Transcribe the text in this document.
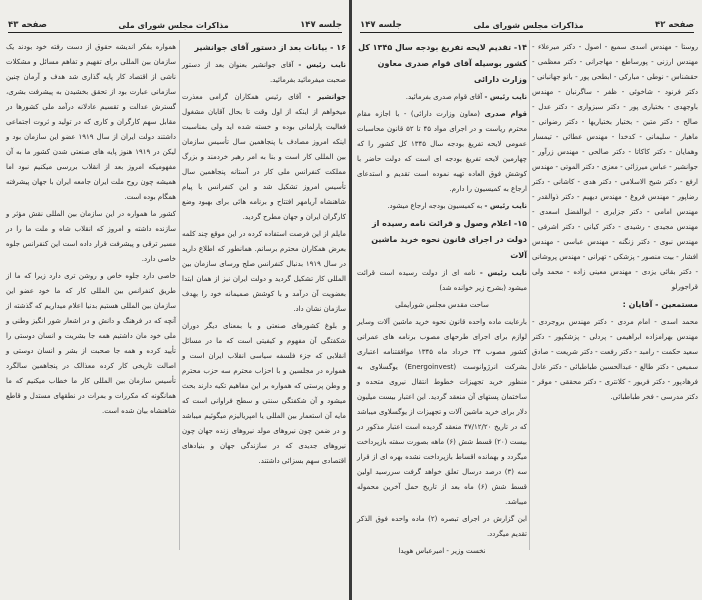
جلسه ۱۴۷
مذاکرات مجلس شورای ملی
صفحه ۴۳

۱۶ - بیانات بعد از دستور آقای جوانشیر

نایب رئیس - آقای جوانشیر بعنوان بعد از دستور صحبت میفرمائید بفرمائید.

جوانشیر - آقای رئیس همکاران گرامی معذرت میخواهم از اینکه از اول وقت تا بحال آقایان مشغول فعالیت پارلمانی بوده و خسته شده اید ولی بمناسبت اینکه امروز مصادف با پنجاهمین سال تأسیس سازمان بین المللی کار است و بنا به امر رهبر خردمند و بزرگ مملکت کنفرانس ملی کار در آستانه پنجاهمین سال تأسیس امروز تشکیل شد و این کنفرانس با پیام شاهنشاه آریامهر افتتاح و برنامه هائی برای بهبود وضع کارگران ایران و جهان مطرح گردید.

مایلم از این فرصت استفاده کرده در این موقع چند کلمه بعرض همکاران محترم برسانم. همانطور که اطلاع دارید در سال ۱۹۱۹ بدنبال کنفرانس صلح ورسای سازمان بین المللی کار تشکیل گردید و دولت ایران نیز از همان ابتدا بعضویت آن درآمد و با کوشش صمیمانه خود را بهدف سازمان نشان داد.

و بلوغ کشورهای صنعتی و با بمعنای دیگر دوران شکفتگی آن مفهوم و کیفیتی است که ما در مسائل انقلابی که جزء فلسفه سیاسی انقلاب ایران است و همواره در مجلسین و با احزاب محترم سه حزب محترم و وطن پرستی که همواره بر این مفاهیم تکیه دارند بحث میشود و آن شکفتگی سنتی و سطح فراوانی است که مایه آن استعمار بین المللی یا امپریالیزم میگوئیم میباشد و در ضمن چون نیروهای مولد نیروهای زنده جهان چون نیروهای جدیدی که در سازندگی جهان و بنیادهای اقتصادی سهم بسزائی داشتند.

همواره بفکر اندیشه حقوق از دست رفته خود بودند یک سازمان بین المللی برای تفهیم و تفاهم مسائل و مشکلات ناشی از اقتصاد کار پایه گذاری شد هدف و آرمان چنین سازمانی عبارت بود از تحقق بخشیدن به پیشرفت بشری، گسترش عدالت و تقسیم عادلانه درآمد ملی کشورها در مقابل سهم کارگران و کاری که در تولید و ثروت اجتماعی داشتند دولت ایران از سال ۱۹۱۹ عضو این سازمان بود و لیکن در ۱۹۱۹ هنوز پایه های صنعتی شدن کشور ما به آن مفهومیکه امروز بعد از انقلاب بررسی میکنیم نبود اما همیشه چون روح ملت ایران جامعه ایران با جهان پیشرفته همگام بوده است.

کشور ما همواره در این سازمان بین المللی نقش مؤثر و سازنده داشته و امروز که انقلاب شاه و ملت ما را در مسیر ترقی و پیشرفت قرار داده است این کنفرانس جلوه خاصی دارد.

خاصی دارد جلوه خاص و روشن تری دارد زیرا که ما از طریق کنفرانس بین المللی کار که ما خود عضو این سازمان بین المللی هستیم بدنیا اعلام میداریم که گذشته از آنچه که در فرهنگ و دانش و در اشعار شور انگیز وطنی و ملی خود مان داشتیم همه جا بشریت و انسان دوستی را تأیید کرده و همه جا صحبت از بشر و انسان دوستی و اصالت تاریخی کار کرده معذالک در پنجاهمین سالگرد تأسیس سازمان بین المللی کار ما خطاب میکنیم که ما همانگونه که مکررات و بمرات در نطقهای مستدل و قاطع شاهنشاه بیان شده است.

صفحه ۴۲
مذاکرات مجلس شورای ملی
جلسه ۱۴۷

روستا - مهندس اسدی سمیع - اصول - دکتر میرعلاء - مهندس ارزنی - پورساطع - مهاجرانی - دکتر معظمی - حقشناس - نوطی - مبارکی - ابطحی پور - بانو جهانبانی - دکتر فرنود - شاخوئی - ظفر - ساگرنبان - مهندس باوجهدی - بختیاری پور - دکتر سبزواری - دکتر عدل - صالح - دکتر متین - بختیار بختیاریها - دکتر رضوانی - ماهیار - سلیمانی - کدخدا - مهندس عطائی - تیمسار وهمایان - دکتر کاکاتا - دکتر صالحی - مهندس زرآور - جوانشیر - عباس میرزائی - معزی - دکتر الموتی - مهندس ارفع - دکتر شیخ الاسلامی - دکتر هدی - کاشانی - دکتر رضاپور - مهندس فروغ - مهندس دیهیم - دکتر ذوالقدر - مهندس امامی - دکتر جزایری - ابوالفضل اسعدی - مهندس مجیدی - رشیدی - دکتر کیانی - دکتر اشرفی - مهندس نبوی - دکتر زنگنه - مهندس عباسی - مهندس افشار - بیت منصور - پزشکی - تهرانی - مهندس پروشانی - دکتر بقائی یزدی - مهندس معینی زاده - محمد ولی قراجورلو

مستمعین - آقایان :

محمد اسدی - امام مردی - دکتر مهندس بروجردی - مهندس بهرامزاده ابراهیمی - پردلی - پزشکپور - دکتر سعید حکمت - رامبد - دکتر رفعت - دکتر شریعت - صادق سمیعی - دکتر طالع - عبدالحسین طباطبائی - دکتر عادل فرهادپور - دکتر فریور - کلانتری - دکتر محققی - موقر - دکتر مدرسی - فخر طباطبائی.

۱۴- تقدیم لایحه تفریغ بودجه سال ۱۳۴۵ کل کشور بوسیله آقای قوام صدری معاون وزارت دارائی

نایب رئیس - آقای قوام صدری بفرمائید.

قوام صدری (معاون وزارت دارائی) - با اجازه مقام محترم ریاست و در اجرای مواد ۴۵ تا ۵۲ قانون محاسبات عمومی لایحه تفریغ بودجه سال ۱۳۴۵ کل کشور را که چهارمین لایحه تفریغ بودجه ای است که دولت حاضر با کوشش فوق العاده تهیه نموده است تقدیم و استدعای ارجاع به کمیسیون را دارم.

نایب رئیس - به کمیسیون بودجه ارجاع میشود.

۱۵- اعلام وصول و قرائت نامه رسیده از دولت در اجرای قانون نحوه خرید ماشین آلات

نایب رئیس - نامه ای از دولت رسیده است قرائت میشود (بشرح زیر خوانده شد)

ساحت مقدس مجلس شورایملی

بارعایت ماده واحده قانون نحوه خرید ماشین آلات وسایر لوازم برای اجرای طرحهای مصوب برنامه های عمرانی کشور مصوب ۲۴ خرداد ماه ۱۳۴۵ موافقتنامه اعتباری بشرکت انرژوانوست (Energoinvest) یوگسلاوی به منظور خرید تجهیزات خطوط انتقال نیروی متحده و ساختمان پستهای آن منعقد گردید. این اعتبار بیست میلیون دلار برای خرید ماشین آلات و تجهیزات از یوگسلاوی میباشد که در تاریخ ۴۷/۱۲/۲۰ منعقد گردیده است اعتبار مذکور در بیست (۲۰) قسط شش (۶) ماهه بصورت سفته بازپرداخت میگردد و بهمانده اقساط بازپرداخت نشده بهره ای از قرار سه (۳) درصد درسال تعلق خواهد گرفت سررسید اولین قسط شش (۶) ماه بعد از تاریخ حمل آخرین محموله میباشد.

این گزارش در اجرای تبصره (۲) ماده واحده فوق الذکر تقدیم میگردد.

نخست وزیر - امیرعباس هویدا
